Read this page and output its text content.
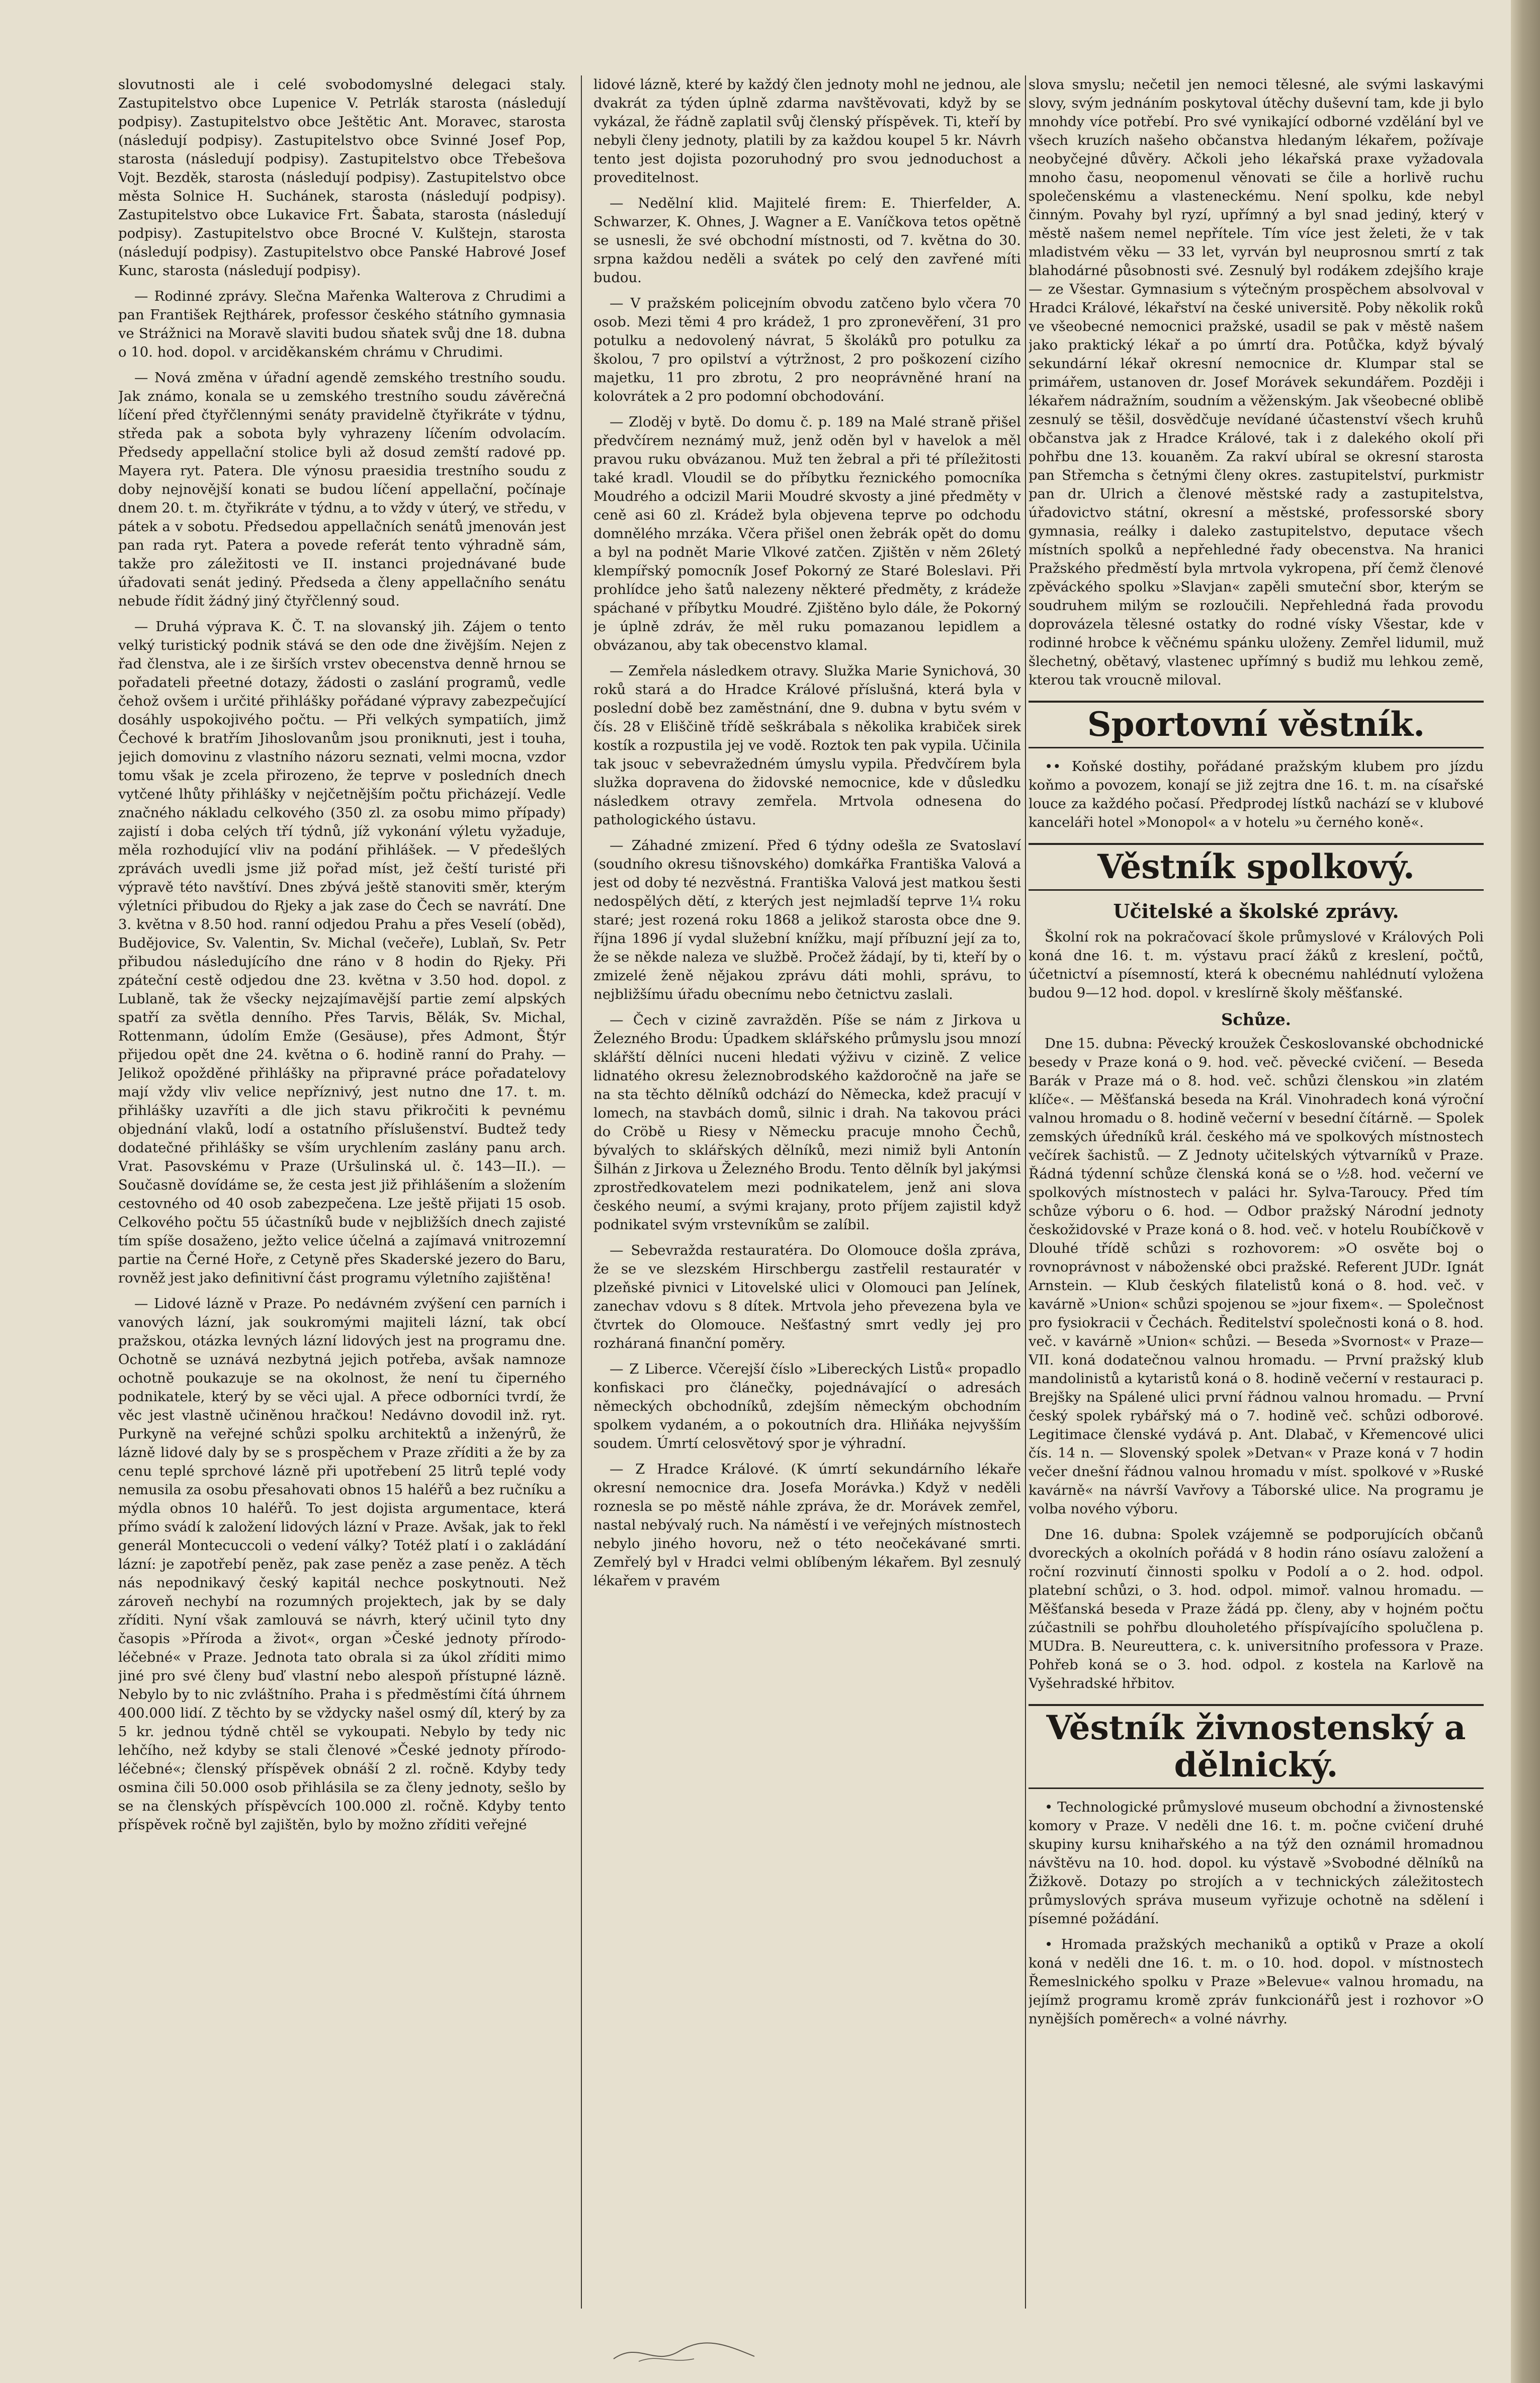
slovutnosti ale i celé svobodomyslné delegaci staly. Zastupitelstvo obce Lupenice V. Petrlák starosta (následují podpisy). Zastupitelstvo obce Ještětic Ant. Moravec, starosta (následují podpisy). Zastupitelstvo obce Svinné Josef Pop, starosta (následují podpisy). Zastupitelstvo obce Třebešova Vojt. Bezděk, starosta (následují podpisy). Zastupitelstvo obce města Solnice H. Suchánek, starosta (následují podpisy). Zastupitelstvo obce Lukavice Frt. Šabata, starosta (následují podpisy). Zastupitelstvo obce Brocné V. Kulštejn, starosta (následují podpisy). Zastupitelstvo obce Panské Habrové Josef Kunc, starosta (následují podpisy).

— Rodinné zprávy. Slečna Mařenka Walterova z Chrudimi a pan František Rejthárek, professor českého státního gymnasia ve Strážnici na Moravě slaviti budou sňatek svůj dne 18. dubna o 10. hod. dopol. v arciděkanském chrámu v Chrudimi.

— Nová změna v úřadní agendě zemského trestního soudu. Jak známo, konala se u zemského trestního soudu závěrečná líčení před čtyřčlennými senáty pravidelně čtyřikráte v týdnu, středa pak a sobota byly vyhrazeny líčením odvolacím. Předsedy appellační stolice byli až dosud zemští radové pp. Mayera ryt. Patera. Dle výnosu praesidia trestního soudu z doby nejnovější konati se budou líčení appellační, počínaje dnem 20. t. m. čtyřikráte v týdnu, a to vždy v úterý, ve středu, v pátek a v sobotu. Předsedou appellačních senátů jmenován jest pan rada ryt. Patera a povede referát tento výhradně sám, takže pro záležitosti ve II. instanci projednávané bude úřadovati senát jediný. Předseda a členy appellačního senátu nebude řídit žádný jiný čtyřčlenný soud.

— Druhá výprava K. Č. T. na slovanský jih. Zájem o tento velký turistický podnik stává se den ode dne živějším. Nejen z řad členstva, ale i ze širších vrstev obecenstva denně hrnou se pořadateli přeetné dotazy, žádosti o zaslání programů, vedle čehož ovšem i určité přihlášky pořádané výpravy zabezpečující dosáhly uspokojivého počtu. — Při velkých sympatiích, jimž Čechové k bratřím Jihoslovanům jsou proniknuti, jest i touha, jejich domovinu z vlastního názoru seznati, velmi mocna, vzdor tomu však je zcela přirozeno, že teprve v posledních dnech vytčené lhůty přihlášky v nejčetnějším počtu přicházejí. Vedle značného nákladu celkového (350 zl. za osobu mimo případy) zajistí i doba celých tří týdnů, jíž vykonání výletu vyžaduje, měla rozhodující vliv na podání přihlášek. — V předešlých zprávách uvedli jsme již pořad míst, jež čeští turisté při výpravě této navštíví. Dnes zbývá ještě stanoviti směr, kterým výletníci přibudou do Rjeky a jak zase do Čech se navrátí. Dne 3. května v 8.50 hod. ranní odjedou Prahu a přes Veselí (oběd), Budějovice, Sv. Valentin, Sv. Michal (večeře), Lublaň, Sv. Petr přibudou následujícího dne ráno v 8 hodin do Rjeky. Při zpáteční cestě odjedou dne 23. května v 3.50 hod. dopol. z Lublaně, tak že všecky nejzajímavější partie zemí alpských spatří za světla denního. Přes Tarvis, Bělák, Sv. Michal, Rottenmann, údolím Emže (Gesäuse), přes Admont, Štýr přijedou opět dne 24. května o 6. hodině ranní do Prahy. — Jelikož opožděné přihlášky na připravné práce pořadatelovy mají vždy vliv velice nepříznivý, jest nutno dne 17. t. m. přihlášky uzavříti a dle jich stavu přikročiti k pevnému objednání vlaků, lodí a ostatního příslušenství. Budtež tedy dodatečné přihlášky se vším urychlením zaslány panu arch. Vrat. Pasovskému v Praze (Uršulinská ul. č. 143—II.). — Současně dovídáme se, že cesta jest již přihlášením a složením cestovného od 40 osob zabezpečena. Lze ještě přijati 15 osob. Celkového počtu 55 účastníků bude v nejbližších dnech zajisté tím spíše dosaženo, ježto velice účelná a zajímavá vnitrozemní partie na Černé Hoře, z Cetyně přes Skaderské jezero do Baru, rovněž jest jako definitivní část programu výletního zajištěna!

— Lidové lázně v Praze. Po nedávném zvýšení cen parních i vanových lázní, jak soukromými majiteli lázní, tak obcí pražskou, otázka levných lázní lidových jest na programu dne. Ochotně se uznává nezbytná jejich potřeba, avšak namnoze ochotně poukazuje se na okolnost, že není tu čiperného podnikatele, který by se věci ujal. A přece odborníci tvrdí, že věc jest vlastně učiněnou hračkou! Nedávno dovodil inž. ryt. Purkyně na veřejné schůzi spolku architektů a inženýrů, že lázně lidové daly by se s prospěchem v Praze zříditi a že by za cenu teplé sprchové lázně při upotřebení 25 litrů teplé vody nemusila za osobu přesahovati obnos 15 haléřů a bez ručníku a mýdla obnos 10 haléřů. To jest dojista argumentace, která přímo svádí k založení lidových lázní v Praze. Avšak, jak to řekl generál Montecuccoli o vedení války? Totéž platí i o zakládání lázní: je zapotřebí peněz, pak zase peněz a zase peněz. A těch nás nepodnikavý český kapitál nechce poskytnouti. Než zároveň nechybí na rozumných projektech, jak by se daly zříditi. Nyní však zamlouvá se návrh, který učinil tyto dny časopis »Příroda a život«, organ »České jednoty přírodo-léčebné« v Praze. Jednota tato obrala si za úkol zříditi mimo jiné pro své členy buď vlastní nebo alespoň přístupné lázně. Nebylo by to nic zvláštního. Praha i s předměstími čítá úhrnem 400.000 lidí. Z těchto by se vždycky našel osmý díl, který by za 5 kr. jednou týdně chtěl se vykoupati. Nebylo by tedy nic lehčího, než kdyby se stali členové »České jednoty přírodo-léčebné«; členský příspěvek obnáší 2 zl. ročně. Kdyby tedy osmina čili 50.000 osob přihlásila se za členy jednoty, sešlo by se na členských příspěvcích 100.000 zl. ročně. Kdyby tento příspěvek ročně byl zajištěn, bylo by možno zříditi veřejné

lidové lázně, které by každý člen jednoty mohl ne jednou, ale dvakrát za týden úplně zdarma navštěvovati, když by se vykázal, že řádně zaplatil svůj členský příspěvek. Ti, kteří by nebyli členy jednoty, platili by za každou koupel 5 kr. Návrh tento jest dojista pozoruhodný pro svou jednoduchost a proveditelnost.

— Nedělní klid. Majitelé firem: E. Thierfelder, A. Schwarzer, K. Ohnes, J. Wagner a E. Vaníčkova tetos opětně se usnesli, že své obchodní místnosti, od 7. května do 30. srpna každou neděli a svátek po celý den zavřené míti budou.

— V pražském policejním obvodu zatčeno bylo včera 70 osob. Mezi těmi 4 pro krádež, 1 pro zpronevěření, 31 pro potulku a nedovolený návrat, 5 školáků pro potulku za školou, 7 pro opilství a výtržnost, 2 pro poškození cizího majetku, 11 pro zbrotu, 2 pro neoprávněné hraní na kolovrátek a 2 pro podomní obchodování.

— Zloděj v bytě. Do domu č. p. 189 na Malé straně přišel předvčírem neznámý muž, jenž oděn byl v havelok a měl pravou ruku obvázanou. Muž ten žebral a při té příležitosti také kradl. Vloudil se do příbytku řeznického pomocníka Moudrého a odcizil Marii Moudré skvosty a jiné předměty v ceně asi 60 zl. Krádež byla objevena teprve po odchodu domnělého mrzáka. Včera přišel onen žebrák opět do domu a byl na podnět Marie Vlkové zatčen. Zjištěn v něm 26letý klempířský pomocník Josef Pokorný ze Staré Boleslavi. Při prohlídce jeho šatů nalezeny některé předměty, z krádeže spáchané v příbytku Moudré. Zjištěno bylo dále, že Pokorný je úplně zdráv, že měl ruku pomazanou lepidlem a obvázanou, aby tak obecenstvo klamal.

— Zemřela následkem otravy. Služka Marie Synichová, 30 roků stará a do Hradce Králové příslušná, která byla v poslední době bez zaměstnání, dne 9. dubna v bytu svém v čís. 28 v Eliščině třídě seškrábala s několika krabiček sirek kostík a rozpustila jej ve vodě. Roztok ten pak vypila. Učinila tak jsouc v sebevražedném úmyslu vypila. Předvčírem byla služka dopravena do židovské nemocnice, kde v důsledku následkem otravy zemřela. Mrtvola odnesena do pathologického ústavu.

— Záhadné zmizení. Před 6 týdny odešla ze Svatoslaví (soudního okresu tišnovského) domkářka Františka Valová a jest od doby té nezvěstná. Františka Valová jest matkou šesti nedospělých dětí, z kterých jest nejmladší teprve 1¼ roku staré; jest rozená roku 1868 a jelikož starosta obce dne 9. října 1896 jí vydal služební knížku, mají příbuzní její za to, že se někde naleza ve službě. Pročež žádají, by ti, kteří by o zmizelé ženě nějakou zprávu dáti mohli, správu, to nejbližšímu úřadu obecnímu nebo četnictvu zaslali.

— Čech v cizině zavražděn. Píše se nám z Jirkova u Železného Brodu: Úpadkem sklářského průmyslu jsou mnozí sklářští dělníci nuceni hledati výživu v cizině. Z velice lidnatého okresu železnobrodského každoročně na jaře se na sta těchto dělníků odchází do Německa, kdež pracují v lomech, na stavbách domů, silnic i drah. Na takovou práci do Cröbě u Riesy v Německu pracuje mnoho Čechů, bývalých to sklářských dělníků, mezi nimiž byli Antonín Šilhán z Jirkova u Železného Brodu. Tento dělník byl jakýmsi zprostředkovatelem mezi podnikatelem, jenž ani slova českého neumí, a svými krajany, proto příjem zajistil když podnikatel svým vrstevníkům se zalíbil.

— Sebevražda restauratéra. Do Olomouce došla zpráva, že se ve slezském Hirschbergu zastřelil restauratér v plzeňské pivnici v Litovelské ulici v Olomouci pan Jelínek, zanechav vdovu s 8 dítek. Mrtvola jeho převezena byla ve čtvrtek do Olomouce. Nešťastný smrt vedly jej pro rozháraná finanční poměry.

— Z Liberce. Včerejší číslo »Libereckých Listů« propadlo konfiskaci pro článečky, pojednávající o adresách německých obchodníků, zdejším německým obchodním spolkem vydaném, a o pokoutních dra. Hliňáka nejvyšším soudem. Úmrtí celosvětový spor je výhradní.

— Z Hradce Králové. (K úmrtí sekundárního lékaře okresní nemocnice dra. Josefa Morávka.) Když v neděli rozneslа se po městě náhle zpráva, že dr. Morávek zemřel, nastal nebývalý ruch. Na náměstí i ve veřejných místnostech nebylo jiného hovoru, než o této neočekávané smrti. Zemřelý byl v Hradci velmi oblíbeným lékařem. Byl zesnulý lékařem v pravém

slova smyslu; nečetil jen nemoci tělesné, ale svými laskavými slovy, svým jednáním poskytoval útěchy duševní tam, kde ji bylo mnohdy více potřebí. Pro své vynikající odborné vzdělání byl ve všech kruzích našeho občanstva hledaným lékařem, požívaje neobyčejné důvěry. Ačkoli jeho lékařská praxe vyžadovala mnoho času, neopomenul věnovati se čile a horlivě ruchu společenskému a vlasteneckému. Není spolku, kde nebyl činným. Povahy byl ryzí, upřímný a byl snad jediný, který v městě našem nemel nepřítele. Tím více jest želeti, že v tak mladistvém věku — 33 let, vyrván byl neuprosnou smrtí z tak blahodárné působnosti své. Zesnulý byl rodákem zdejšího kraje — ze Všestar. Gymnasium s výtečným prospěchem absolvoval v Hradci Králové, lékařství na české universitě. Poby několik roků ve všeobecné nemocnici pražské, usadil se pak v městě našem jako praktický lékař a po úmrtí dra. Potůčka, když bývalý sekundární lékař okresní nemocnice dr. Klumpar stal se primářem, ustanoven dr. Josef Morávek sekundářem. Později i lékařem nádražním, soudním a věženským. Jak všeobecné oblibě zesnulý se těšil, dosvědčuje nevídané účastenství všech kruhů občanstva jak z Hradce Králové, tak i z dalekého okolí při pohřbu dne 13. kouaněm. Za rakví ubíral se okresní starosta pan Střemcha s četnými členy okres. zastupitelství, purkmistr pan dr. Ulrich a členové městské rady a zastupitelstva, úřadovictvo státní, okresní a městské, professorské sbory gymnasia, reálky i daleko zastupitelstvo, deputace všech místních spolků a nepřehledné řady obecenstva. Na hranici Pražského předměstí byla mrtvola vykropena, pří čemž členové zpěváckého spolku »Slavjan« zapěli smuteční sbor, kterým se soudruhem milým se rozloučili. Nepřehledná řada provodu doprovázela tělesné ostatky do rodné vísky Všestar, kde v rodinné hrobce k věčnému spánku uloženy. Zemřel lidumil, muž šlechetný, obětavý, vlastenec upřímný s budiž mu lehkou země, kterou tak vroucně miloval.

Sportovní věstník.

•• Koňské dostihy, pořádané pražským klubem pro jízdu koňmo a povozem, konají se již zejtra dne 16. t. m. na císařské louce za každého počasí. Předprodej lístků nachází se v klubové kanceláři hotel »Monopol« a v hotelu »u černého koně«.

Věstník spolkový.
Učitelské a školské zprávy.

Školní rok na pokračovací škole průmyslové v Králových Poli koná dne 16. t. m. výstavu prací žáků z kreslení, počtů, účetnictví a písemností, která k obecnému nahlédnutí vyložena budou 9—12 hod. dopol. v kreslírně školy měšťanské.

Schůze.

Dne 15. dubna: Pěvecký kroužek Českoslovanské obchodnické besedy v Praze koná o 9. hod. več. pěvecké cvičení. — Beseda Barák v Praze má o 8. hod. več. schůzi členskou »in zlatém klíče«. — Měšťanská beseda na Král. Vinohradech koná výroční valnou hromadu o 8. hodině večerní v besední čítárně. — Spolek zemských úředníků král. českého má ve spolkových místnostech večírek šachistů. — Z Jednoty učitelských výtvarníků v Praze. Řádná týdenní schůze členská koná se o ½8. hod. večerní ve spolkových místnostech v paláci hr. Sylva-Taroucy. Před tím schůze výboru o 6. hod. — Odbor pražský Národní jednoty českožidovské v Praze koná o 8. hod. več. v hotelu Roubíčkově v Dlouhé třídě schůzi s rozhovorem: »O osvěte boj o rovnoprávnost v náboženské obci pražské. Referent JUDr. Ignát Arnstein. — Klub českých filatelistů koná o 8. hod. več. v kavárně »Union« schůzi spojenou se »jour fixem«. — Společnost pro fysiokracii v Čechách. Ředitelství společnosti koná o 8. hod. več. v kavárně »Union« schůzi. — Beseda »Svornost« v Praze—VII. koná dodatečnou valnou hromadu. — První pražský klub mandolinistů a kytaristů koná o 8. hodině večerní v restauraci p. Brejšky na Spálené ulici první řádnou valnou hromadu. — První český spolek rybářský má o 7. hodině več. schůzi odborové. Legitimace členské vydává p. Ant. Dlabač, v Křemencové ulici čís. 14 n. — Slovenský spolek »Detvan« v Praze koná v 7 hodin večer dnešní řádnou valnou hromadu v míst. spolkové v »Ruské kavárně« na návrší Vavřovy a Táborské ulice. Na programu je volba nového výboru.

Dne 16. dubna: Spolek vzájemně se podporujících občanů dvoreckých a okolních pořádá v 8 hodin ráno osíavu založení a roční rozvinutí činnosti spolku v Podolí a o 2. hod. odpol. platební schůzi, o 3. hod. odpol. mimoř. valnou hromadu. — Měšťanská beseda v Praze žádá pp. členy, aby v hojném počtu zúčastnili se pohřbu dlouholetého příspívajícího spolučlena p. MUDra. B. Neureuttera, c. k. universitního professora v Praze. Pohřeb koná se o 3. hod. odpol. z kostela na Karlově na Vyšehradské hřbitov.

Věstník živnostenský a dělnický.

• Technologické průmyslové museum obchodní a živnostenské komory v Praze. V neděli dne 16. t. m. počne cvičení druhé skupiny kursu knihařského a na týž den oznámil hromadnou návštěvu na 10. hod. dopol. ku výstavě »Svobodné dělníků na Žižkově. Dotazy po strojích a v technických záležitostech průmyslových správa museum vyřizuje ochotně na sdělení i písemné požádání.

• Hromada pražských mechaniků a optiků v Praze a okolí koná v neděli dne 16. t. m. o 10. hod. dopol. v místnostech Řemeslnického spolku v Praze »Belevue« valnou hromadu, na jejímž programu kromě zpráv funkcionářů jest i rozhovor »O nynějších poměrech« a volné návrhy.
